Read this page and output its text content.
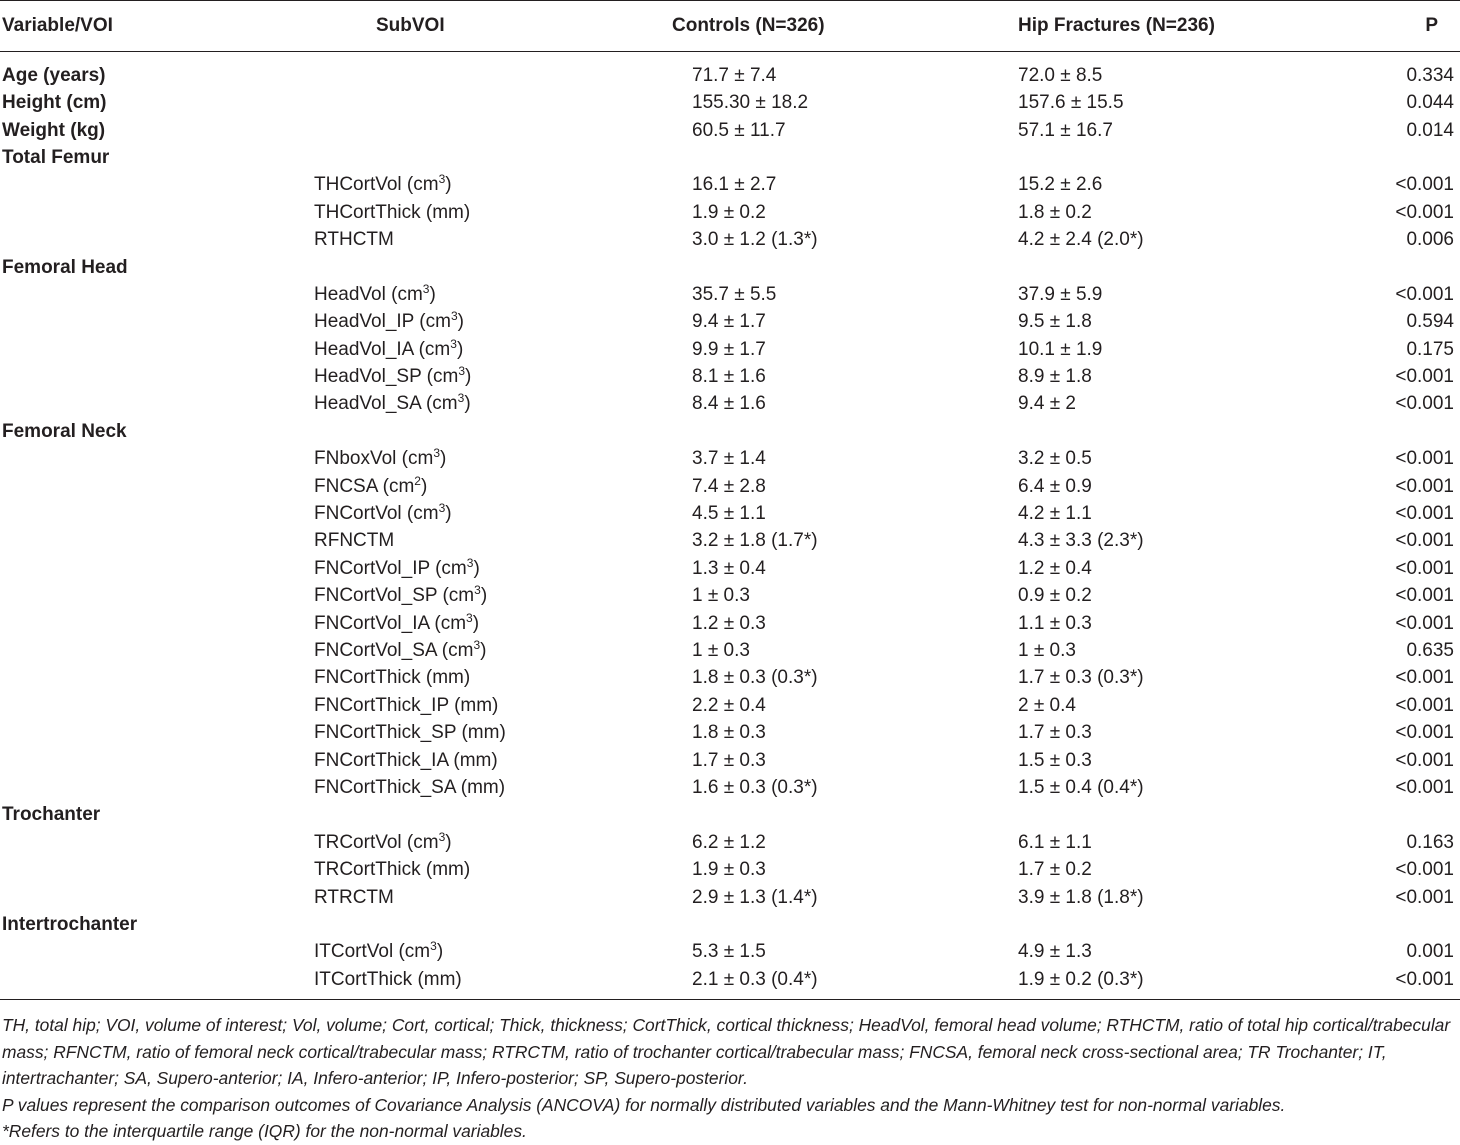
Variable/VOI	SubVOI	Controls (N=326)	Hip Fractures (N=236)	P
Age (years)		71.7 ± 7.4	72.0 ± 8.5	0.334
Height (cm)		155.30 ± 18.2	157.6 ± 15.5	0.044
Weight (kg)		60.5 ± 11.7	57.1 ± 16.7	0.014
Total Femur				
	THCortVol $(cm^3)$	16.1 ± 2.7	15.2 ± 2.6	<0.001
	THCortThick (mm)	1.9 ± 0.2	1.8 ± 0.2	<0.001
	RTHCTM	3.0 ± 1.2 (1.3*)	4.2 ± 2.4 (2.0*)	0.006
Femoral Head				
	HeadVol $(cm^3)$	35.7 ± 5.5	37.9 ± 5.9	<0.001
	HeadVol_IP $(cm^3)$	9.4 ± 1.7	9.5 ± 1.8	0.594
	HeadVol_IA $(cm^3)$	9.9 ± 1.7	10.1 ± 1.9	0.175
	HeadVol_SP $(cm^3)$	8.1 ± 1.6	8.9 ± 1.8	<0.001
	HeadVol_SA $(cm^3)$	8.4 ± 1.6	9.4 ± 2	<0.001
Femoral Neck				
	FNboxVol $(cm^3)$	3.7 ± 1.4	3.2 ± 0.5	<0.001
	FNCSA $(cm^2)$	7.4 ± 2.8	6.4 ± 0.9	<0.001
	FNCortVol $(cm^3)$	4.5 ± 1.1	4.2 ± 1.1	<0.001
	RFNCTM	3.2 ± 1.8 (1.7*)	4.3 ± 3.3 (2.3*)	<0.001
	FNCortVol_IP $(cm^3)$	1.3 ± 0.4	1.2 ± 0.4	<0.001
	FNCortVol_SP $(cm^3)$	1 ± 0.3	0.9 ± 0.2	<0.001
	FNCortVol_IA $(cm^3)$	1.2 ± 0.3	1.1 ± 0.3	<0.001
	FNCortVol_SA $(cm^3)$	1 ± 0.3	1 ± 0.3	0.635
	FNCortThick (mm)	1.8 ± 0.3 (0.3*)	1.7 ± 0.3 (0.3*)	<0.001
	FNCortThick_IP (mm)	2.2 ± 0.4	2 ± 0.4	<0.001
	FNCortThick_SP (mm)	1.8 ± 0.3	1.7 ± 0.3	<0.001
	FNCortThick_IA (mm)	1.7 ± 0.3	1.5 ± 0.3	<0.001
	FNCortThick_SA (mm)	1.6 ± 0.3 (0.3*)	1.5 ± 0.4 (0.4*)	<0.001
Trochanter				
	TRCortVol $(cm^3)$	6.2 ± 1.2	6.1 ± 1.1	0.163
	TRCortThick (mm)	1.9 ± 0.3	1.7 ± 0.2	<0.001
	RTRCTM	2.9 ± 1.3 (1.4*)	3.9 ± 1.8 (1.8*)	<0.001
Intertrochanter				
	ITCortVol $(cm^3)$	5.3 ± 1.5	4.9 ± 1.3	0.001
	ITCortThick (mm)	2.1 ± 0.3 (0.4*)	1.9 ± 0.2 (0.3*)	<0.001

TH, total hip; VOI, volume of interest; Vol, volume; Cort, cortical; Thick, thickness; CortThick, cortical thickness; HeadVol, femoral head volume; RTHCTM, ratio of total hip cortical/trabecular mass; RFNCTM, ratio of femoral neck cortical/trabecular mass; RTRCTM, ratio of trochanter cortical/trabecular mass; FNCSA, femoral neck cross-sectional area; TR Trochanter; IT, intertrachanter; SA, Supero-anterior; IA, Infero-anterior; IP, Infero-posterior; SP, Supero-posterior.

P values represent the comparison outcomes of Covariance Analysis (ANCOVA) for normally distributed variables and the Mann-Whitney test for non-normal variables.

*Refers to the interquartile range (IQR) for the non-normal variables.
